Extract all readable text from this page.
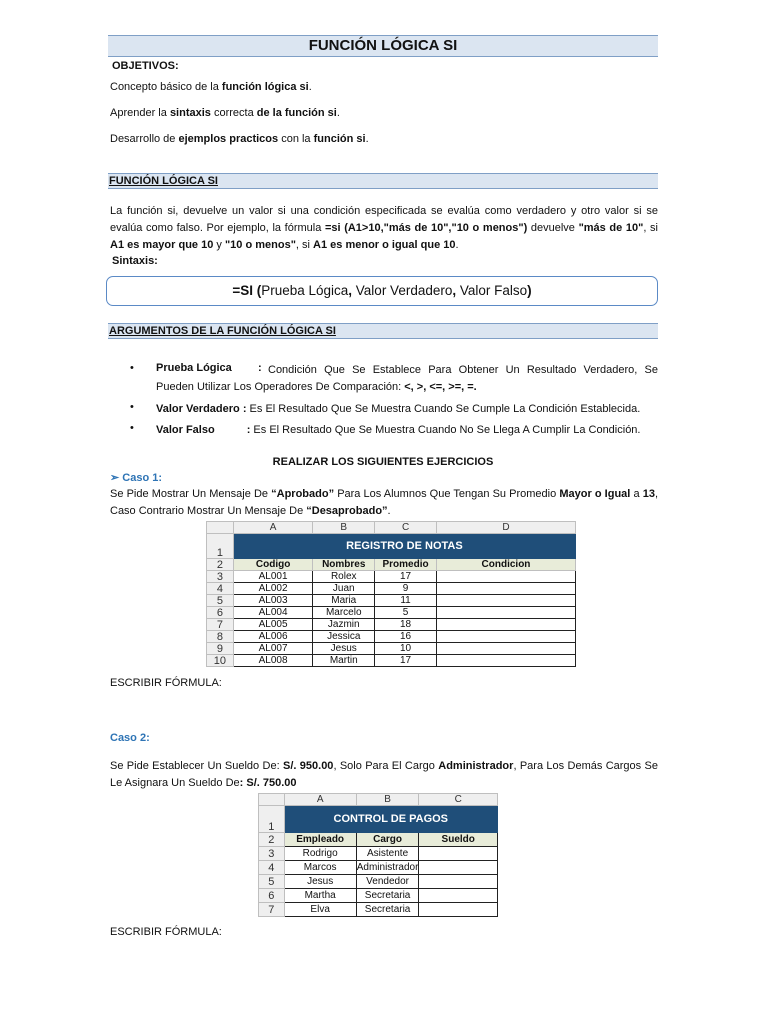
FUNCIÓN LÓGICA SI
OBJETIVOS:
Concepto básico de la función lógica si.
Aprender la sintaxis correcta de la función si.
Desarrollo de ejemplos practicos con la función si.
FUNCIÓN LÓGICA SI
La función si, devuelve un valor si una condición especificada se evalúa como verdadero y otro valor si se evalúa como falso. Por ejemplo, la fórmula =si (A1>10,"más de 10","10 o menos") devuelve "más de 10", si A1 es mayor que 10 y "10 o menos", si A1 es menor o igual que 10.
Sintaxis:
=SI (Prueba Lógica, Valor Verdadero, Valor Falso)
ARGUMENTOS DE LA FUNCIÓN LÓGICA SI
• Prueba Lógica : Condición Que Se Establece Para Obtener Un Resultado Verdadero, Se Pueden Utilizar Los Operadores De Comparación: <, >, <=, >=, =.
• Valor Verdadero : Es El Resultado Que Se Muestra Cuando Se Cumple La Condición Establecida.
• Valor Falso	: Es El Resultado Que Se Muestra Cuando No Se Llega A Cumplir La Condición.
REALIZAR LOS SIGUIENTES EJERCICIOS
➢ Caso 1:
Se Pide Mostrar Un Mensaje De “Aprobado” Para Los Alumnos Que Tengan Su Promedio Mayor o Igual a 13, Caso Contrario Mostrar Un Mensaje De “Desaprobado”.
	A	B	C	D
1	REGISTRO DE NOTAS			
2	Codigo	Nombres	Promedio	Condicion
3	AL001	Rolex	17	
4	AL002	Juan	9	
5	AL003	Maria	11	
6	AL004	Marcelo	5	
7	AL005	Jazmin	18	
8	AL006	Jessica	16	
9	AL007	Jesus	10	
10	AL008	Martin	17	
ESCRIBIR FÓRMULA:
Caso 2:
Se Pide Establecer Un Sueldo De: S/. 950.00, Solo Para El Cargo Administrador, Para Los Demás Cargos Se Le Asignara Un Sueldo De: S/. 750.00
	A	B	C
1	CONTROL DE PAGOS		
2	Empleado	Cargo	Sueldo
3	Rodrigo	Asistente	
4	Marcos	Administrador	
5	Jesus	Vendedor	
6	Martha	Secretaria	
7	Elva	Secretaria	
ESCRIBIR FÓRMULA:
